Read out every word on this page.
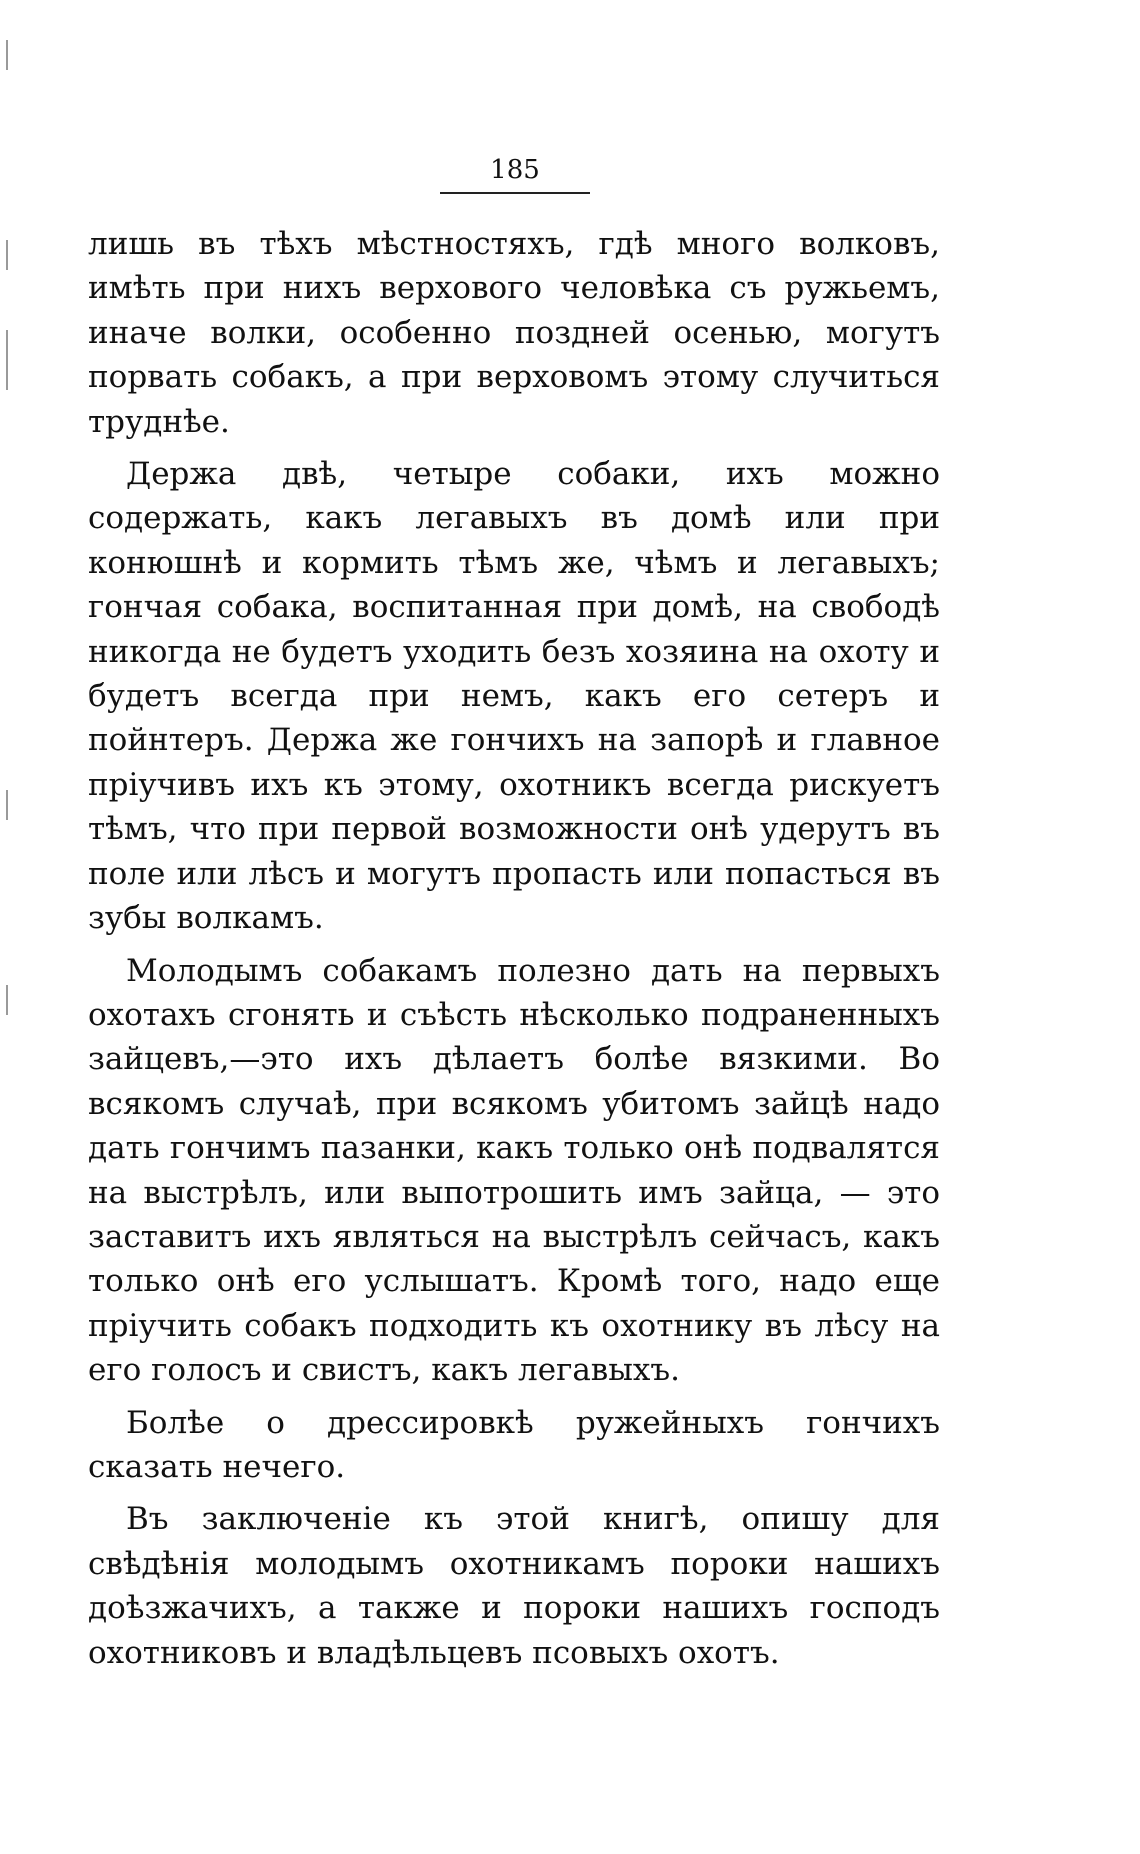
185

лишь въ тѣхъ мѣстностяхъ, гдѣ много волковъ, имѣть при нихъ верхового человѣка съ ружьемъ, иначе волки, особенно поздней осенью, могутъ порвать собакъ, а при верховомъ этому случиться труднѣе.

Держа двѣ, четыре собаки, ихъ можно содержать, какъ легавыхъ въ домѣ или при конюшнѣ и кормить тѣмъ же, чѣмъ и легавыхъ; гончая собака, воспитанная при домѣ, на свободѣ никогда не будетъ уходить безъ хозяина на охоту и будетъ всегда при немъ, какъ его сетеръ и пойнтеръ. Держа же гончихъ на запорѣ и главное пріучивъ ихъ къ этому, охотникъ всегда рискуетъ тѣмъ, что при первой возможности онѣ удерутъ въ поле или лѣсъ и могутъ пропасть или попасться въ зубы волкамъ.

Молодымъ собакамъ полезно дать на первыхъ охотахъ сгонять и съѣсть нѣсколько подраненныхъ зайцевъ,—это ихъ дѣлаетъ болѣе вязкими. Во всякомъ случаѣ, при всякомъ убитомъ зайцѣ надо дать гончимъ пазанки, какъ только онѣ подвалятся на выстрѣлъ, или выпотрошить имъ зайца, — это заставитъ ихъ являться на выстрѣлъ сейчасъ, какъ только онѣ его услышатъ. Кромѣ того, надо еще пріучить собакъ подходить къ охотнику въ лѣсу на его голосъ и свистъ, какъ легавыхъ.

Болѣе о дрессировкѣ ружейныхъ гончихъ сказать нечего.

Въ заключеніе къ этой книгѣ, опишу для свѣдѣнія молодымъ охотникамъ пороки нашихъ доѣзжачихъ, а также и пороки нашихъ господъ охотниковъ и владѣльцевъ псовыхъ охотъ.
